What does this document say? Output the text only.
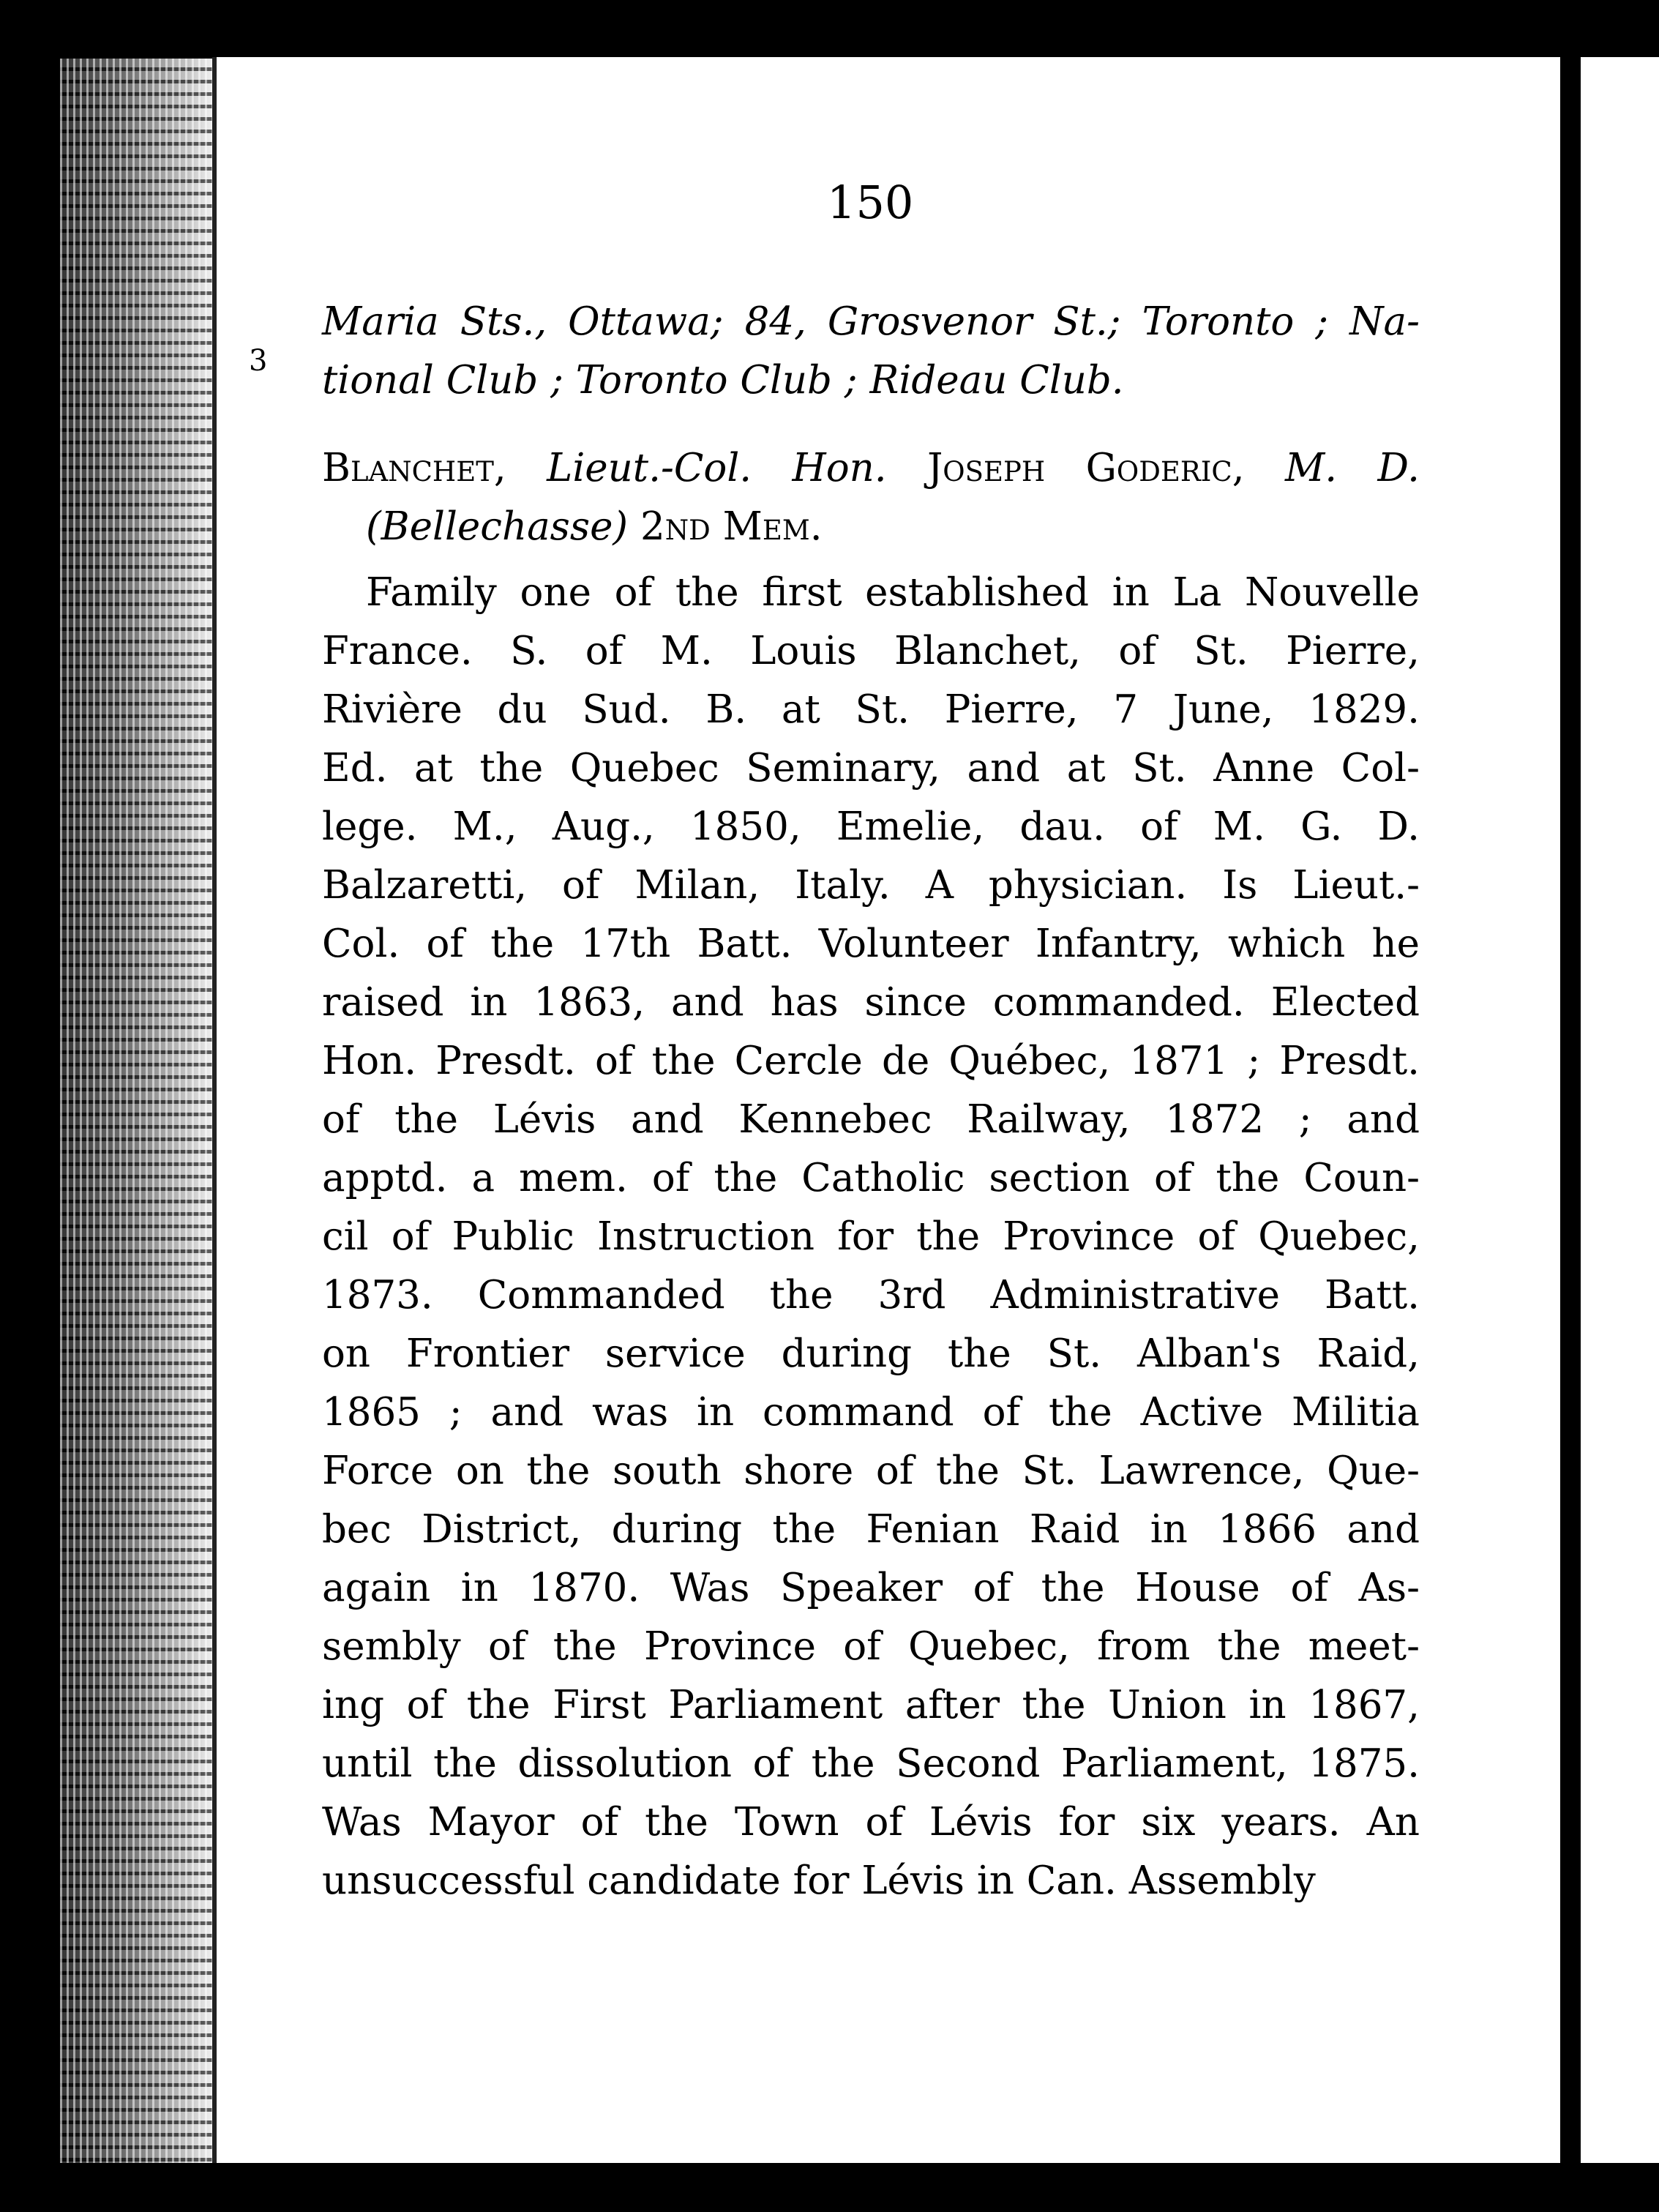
150
3
Maria Sts., Ottawa; 84, Grosvenor St.; Toronto ; Na-
tional Club ; Toronto Club ; Rideau Club.
Blanchet, Lieut.-Col. Hon. Joseph Goderic, M. D.
(Bellechasse) 2nd Mem.
Family one of the first established in La Nouvelle
France. S. of M. Louis Blanchet, of St. Pierre,
Rivière du Sud. B. at St. Pierre, 7 June, 1829.
Ed. at the Quebec Seminary, and at St. Anne Col-
lege. M., Aug., 1850, Emelie, dau. of M. G. D.
Balzaretti, of Milan, Italy. A physician. Is Lieut.-
Col. of the 17th Batt. Volunteer Infantry, which he
raised in 1863, and has since commanded. Elected
Hon. Presdt. of the Cercle de Québec, 1871 ; Presdt.
of the Lévis and Kennebec Railway, 1872 ; and
apptd. a mem. of the Catholic section of the Coun-
cil of Public Instruction for the Province of Quebec,
1873. Commanded the 3rd Administrative Batt.
on Frontier service during the St. Alban's Raid,
1865 ; and was in command of the Active Militia
Force on the south shore of the St. Lawrence, Que-
bec District, during the Fenian Raid in 1866 and
again in 1870. Was Speaker of the House of As-
sembly of the Province of Quebec, from the meet-
ing of the First Parliament after the Union in 1867,
until the dissolution of the Second Parliament, 1875.
Was Mayor of the Town of Lévis for six years. An
unsuccessful candidate for Lévis in Can. Assembly
